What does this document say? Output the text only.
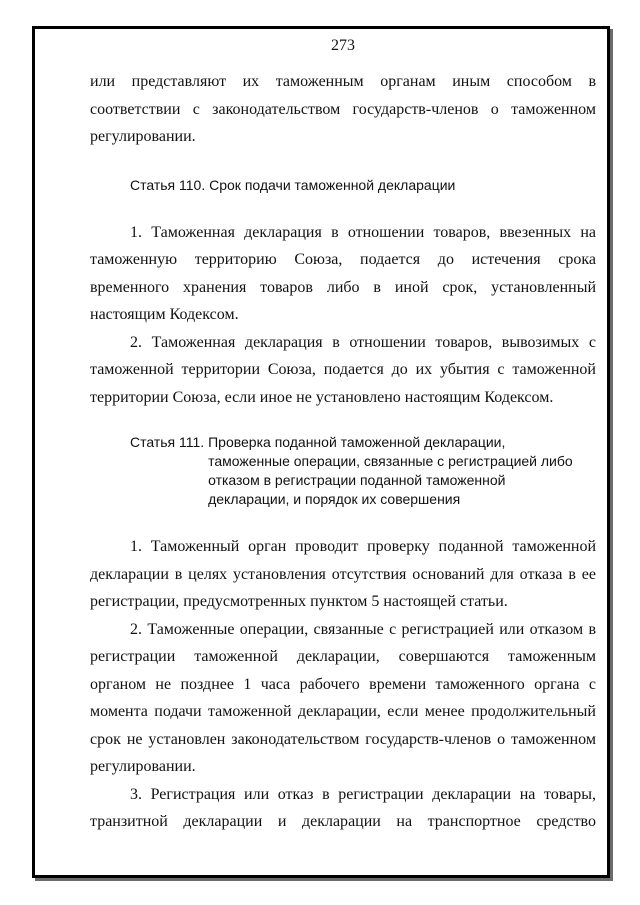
273

или представляют их таможенным органам иным способом в соответствии с законодательством государств-членов о таможенном регулировании.

Статья 110. Срок подачи таможенной декларации

1. Таможенная декларация в отношении товаров, ввезенных на таможенную территорию Союза, подается до истечения срока временного хранения товаров либо в иной срок, установленный настоящим Кодексом.

2. Таможенная декларация в отношении товаров, вывозимых с таможенной территории Союза, подается до их убытия с таможенной территории Союза, если иное не установлено настоящим Кодексом.

Статья 111. Проверка поданной таможенной декларации,
таможенные операции, связанные с регистрацией либо
отказом в регистрации поданной таможенной
декларации, и порядок их совершения

1. Таможенный орган проводит проверку поданной таможенной декларации в целях установления отсутствия оснований для отказа в ее регистрации, предусмотренных пунктом 5 настоящей статьи.

2. Таможенные операции, связанные с регистрацией или отказом в регистрации таможенной декларации, совершаются таможенным органом не позднее 1 часа рабочего времени таможенного органа с момента подачи таможенной декларации, если менее продолжительный срок не установлен законодательством государств-членов о таможенном регулировании.

3. Регистрация или отказ в регистрации декларации на товары, транзитной декларации и декларации на транспортное средство
